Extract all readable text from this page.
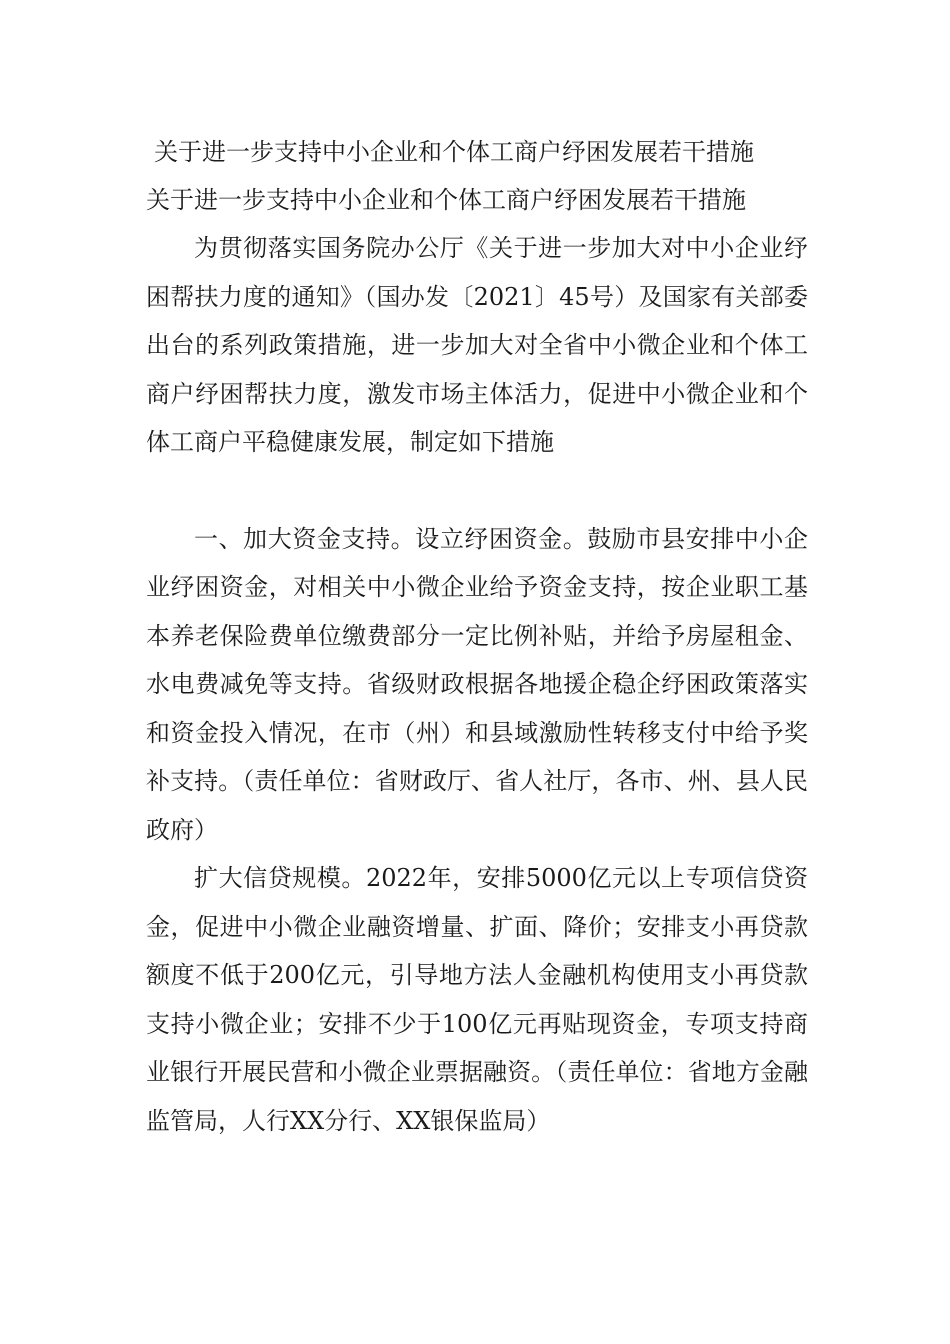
关于进一步支持中小企业和个体工商户纾困发展若干措施

关于进一步支持中小企业和个体工商户纾困发展若干措施

为贯彻落实国务院办公厅《关于进一步加大对中小企业纾困帮扶力度的通知》（国办发〔2021〕45号）及国家有关部委出台的系列政策措施，进一步加大对全省中小微企业和个体工商户纾困帮扶力度，激发市场主体活力，促进中小微企业和个体工商户平稳健康发展，制定如下措施

一、加大资金支持。设立纾困资金。鼓励市县安排中小企业纾困资金，对相关中小微企业给予资金支持，按企业职工基本养老保险费单位缴费部分一定比例补贴，并给予房屋租金、水电费减免等支持。省级财政根据各地援企稳企纾困政策落实和资金投入情况，在市（州）和县域激励性转移支付中给予奖补支持。（责任单位：省财政厅、省人社厅，各市、州、县人民政府）

扩大信贷规模。2022年，安排5000亿元以上专项信贷资金，促进中小微企业融资增量、扩面、降价；安排支小再贷款额度不低于200亿元，引导地方法人金融机构使用支小再贷款支持小微企业；安排不少于100亿元再贴现资金，专项支持商业银行开展民营和小微企业票据融资。（责任单位：省地方金融监管局，人行XX分行、XX银保监局）
